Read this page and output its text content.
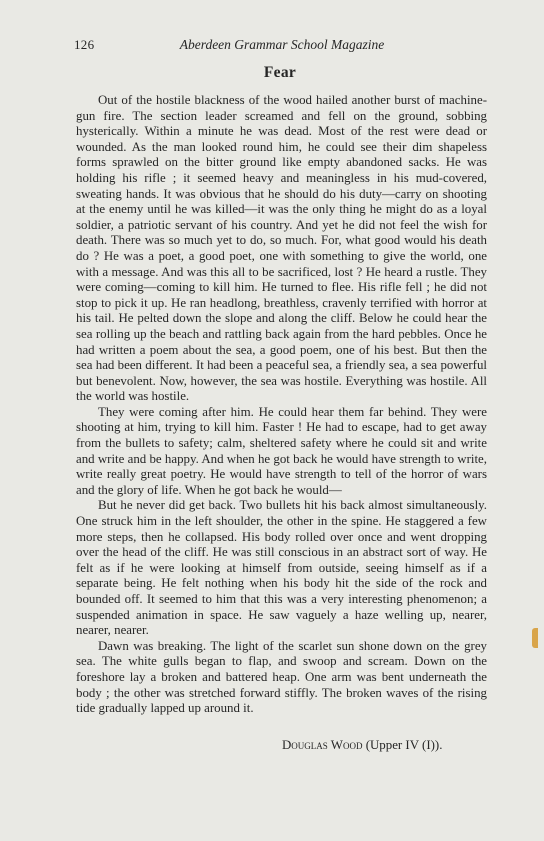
126	Aberdeen Grammar School Magazine
Fear

Out of the hostile blackness of the wood hailed another burst of machine-gun fire. The section leader screamed and fell on the ground, sobbing hysterically. Within a minute he was dead. Most of the rest were dead or wounded. As the man looked round him, he could see their dim shapeless forms sprawled on the bitter ground like empty abandoned sacks. He was holding his rifle ; it seemed heavy and meaningless in his mud-covered, sweating hands. It was obvious that he should do his duty—carry on shooting at the enemy until he was killed—it was the only thing he might do as a loyal soldier, a patriotic servant of his country. And yet he did not feel the wish for death. There was so much yet to do, so much. For, what good would his death do ? He was a poet, a good poet, one with something to give the world, one with a message. And was this all to be sacrificed, lost ? He heard a rustle. They were coming—coming to kill him. He turned to flee. His rifle fell ; he did not stop to pick it up. He ran headlong, breathless, cravenly terrified with horror at his tail. He pelted down the slope and along the cliff. Below he could hear the sea rolling up the beach and rattling back again from the hard pebbles. Once he had written a poem about the sea, a good poem, one of his best. But then the sea had been different. It had been a peaceful sea, a friendly sea, a sea powerful but benevolent. Now, however, the sea was hostile. Everything was hostile. All the world was hostile.

They were coming after him. He could hear them far behind. They were shooting at him, trying to kill him. Faster ! He had to escape, had to get away from the bullets to safety; calm, sheltered safety where he could sit and write and write and be happy. And when he got back he would have strength to write, write really great poetry. He would have strength to tell of the horror of wars and the glory of life. When he got back he would—

But he never did get back. Two bullets hit his back almost simultaneously. One struck him in the left shoulder, the other in the spine. He staggered a few more steps, then he collapsed. His body rolled over once and went dropping over the head of the cliff. He was still conscious in an abstract sort of way. He felt as if he were looking at himself from outside, seeing himself as if a separate being. He felt nothing when his body hit the side of the rock and bounded off. It seemed to him that this was a very interesting phenomenon; a suspended animation in space. He saw vaguely a haze welling up, nearer, nearer, nearer.

Dawn was breaking. The light of the scarlet sun shone down on the grey sea. The white gulls began to flap, and swoop and scream. Down on the foreshore lay a broken and battered heap. One arm was bent underneath the body ; the other was stretched forward stiffly. The broken waves of the rising tide gradually lapped up around it.

Douglas Wood (Upper IV (I)).
